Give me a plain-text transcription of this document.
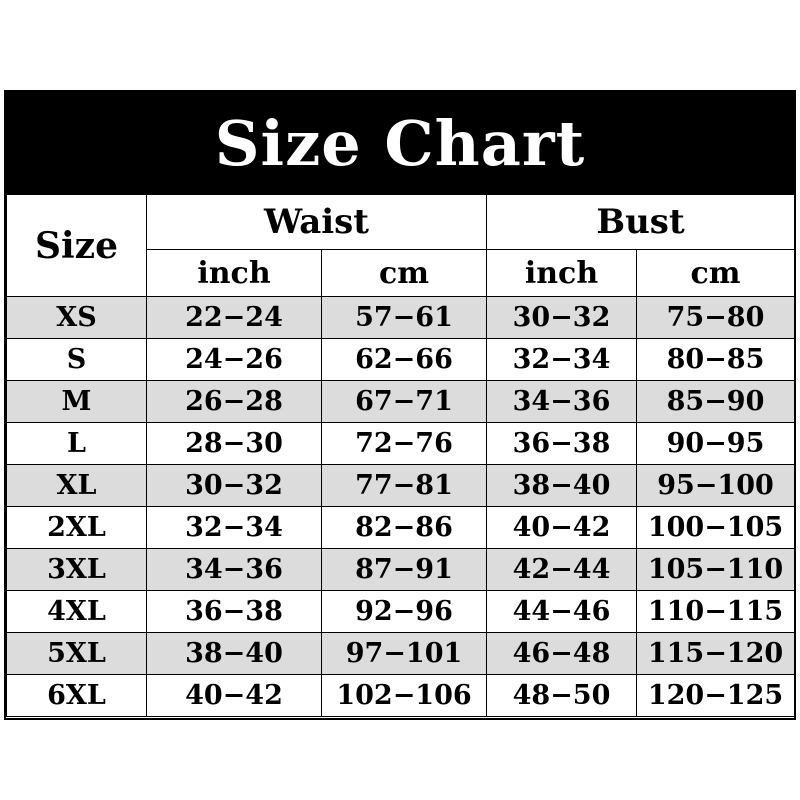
Size Chart
Size	Waist		Bust	
	inch	cm	inch	cm
XS	22−24	57−61	30−32	75−80
S	24−26	62−66	32−34	80−85
M	26−28	67−71	34−36	85−90
L	28−30	72−76	36−38	90−95
XL	30−32	77−81	38−40	95−100
2XL	32−34	82−86	40−42	100−105
3XL	34−36	87−91	42−44	105−110
4XL	36−38	92−96	44−46	110−115
5XL	38−40	97−101	46−48	115−120
6XL	40−42	102−106	48−50	120−125
